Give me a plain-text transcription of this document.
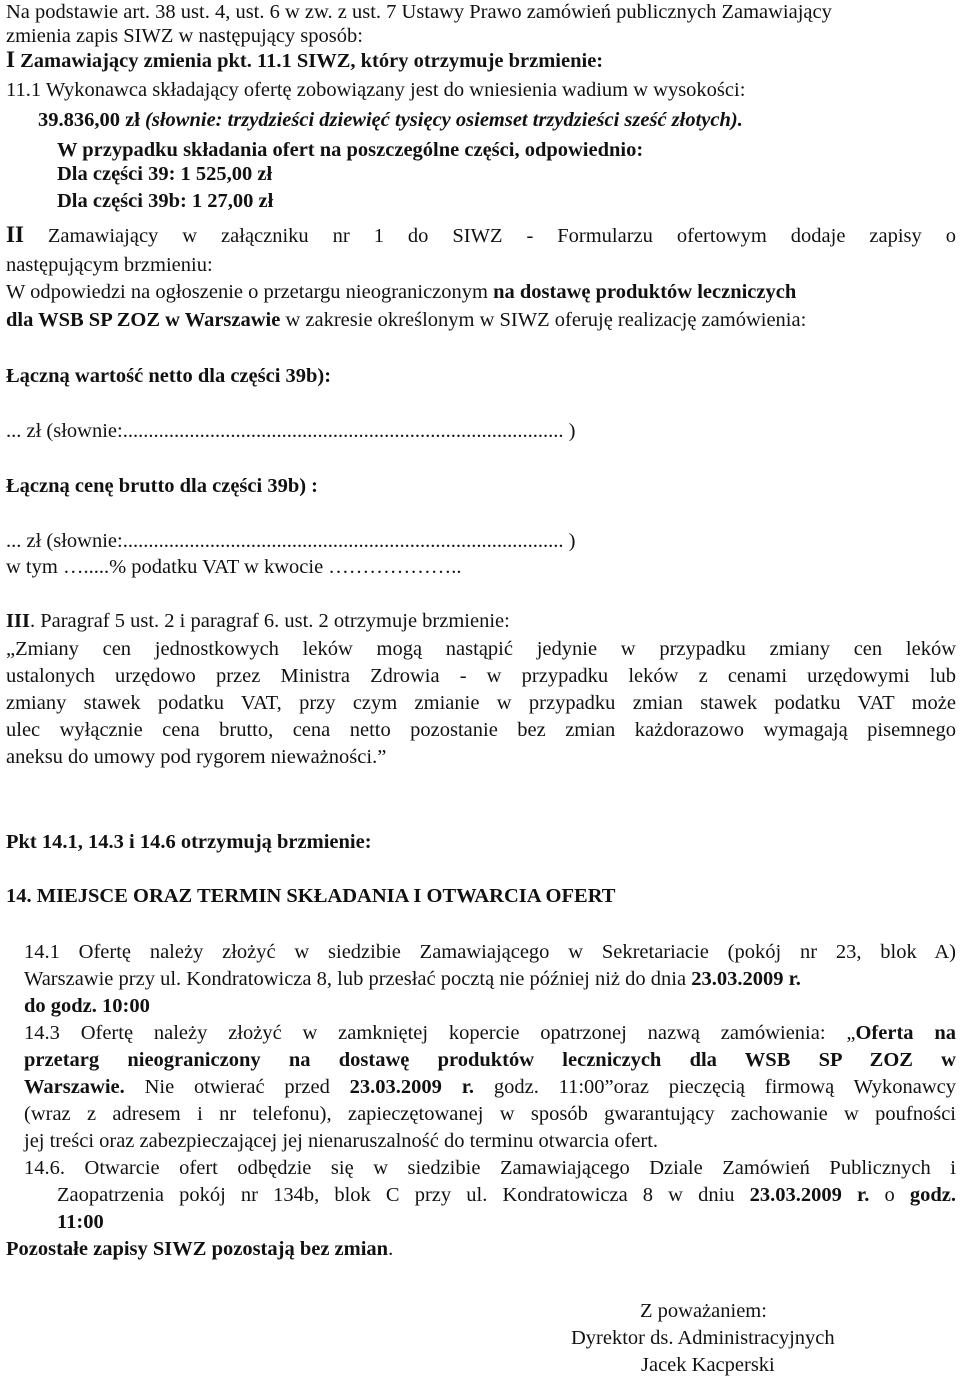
Na podstawie art. 38 ust. 4, ust. 6 w zw. z ust. 7 Ustawy Prawo zamówień publicznych Zamawiający
zmienia zapis SIWZ w następujący sposób:
I Zamawiający zmienia pkt. 11.1 SIWZ, który otrzymuje brzmienie:
11.1 Wykonawca składający ofertę zobowiązany jest do wniesienia wadium w wysokości:
39.836,00 zł (słownie: trzydzieści dziewięć tysięcy osiemset trzydzieści sześć złotych).
W przypadku składania ofert na poszczególne części, odpowiednio:
Dla części 39: 1 525,00 zł
Dla części 39b: 1 27,00 zł
II Zamawiający w załączniku nr 1 do SIWZ - Formularzu ofertowym dodaje zapisy o
następującym brzmieniu:
W odpowiedzi na ogłoszenie o przetargu nieograniczonym na dostawę produktów leczniczych
dla WSB SP ZOZ w Warszawie w zakresie określonym w SIWZ oferuję realizację zamówienia:
Łączną wartość netto dla części 39b):
... zł (słownie:...................................................................................... )
Łączną cenę brutto dla części 39b) :
... zł (słownie:...................................................................................... )
w tym ….....% podatku VAT w kwocie ………………..
III. Paragraf 5 ust. 2 i paragraf 6. ust. 2 otrzymuje brzmienie:
„Zmiany cen jednostkowych leków mogą nastąpić jedynie w przypadku zmiany cen leków
ustalonych urzędowo przez Ministra Zdrowia - w przypadku leków z cenami urzędowymi lub
zmiany stawek podatku VAT, przy czym zmianie w przypadku zmian stawek podatku VAT może
ulec wyłącznie cena brutto, cena netto pozostanie bez zmian każdorazowo wymagają pisemnego
aneksu do umowy pod rygorem nieważności.”
Pkt 14.1, 14.3 i 14.6 otrzymują brzmienie:
14. MIEJSCE ORAZ TERMIN SKŁADANIA I OTWARCIA OFERT
14.1 Ofertę należy złożyć w siedzibie Zamawiającego w Sekretariacie (pokój nr 23, blok A)
Warszawie przy ul. Kondratowicza 8, lub przesłać pocztą nie później niż do dnia 23.03.2009 r.
do godz. 10:00
14.3 Ofertę należy złożyć w zamkniętej kopercie opatrzonej nazwą zamówienia: „Oferta na
przetarg nieograniczony na dostawę produktów leczniczych dla WSB SP ZOZ w
Warszawie. Nie otwierać przed 23.03.2009 r. godz. 11:00”oraz pieczęcią firmową Wykonawcy
(wraz z adresem i nr telefonu), zapieczętowanej w sposób gwarantujący zachowanie w poufności
jej treści oraz zabezpieczającej jej nienaruszalność do terminu otwarcia ofert.
14.6. Otwarcie ofert odbędzie się w siedzibie Zamawiającego Dziale Zamówień Publicznych i
Zaopatrzenia pokój nr 134b, blok C przy ul. Kondratowicza 8 w dniu 23.03.2009 r. o godz.
11:00
Pozostałe zapisy SIWZ pozostają bez zmian.
Z poważaniem:
Dyrektor ds. Administracyjnych
Jacek Kacperski
